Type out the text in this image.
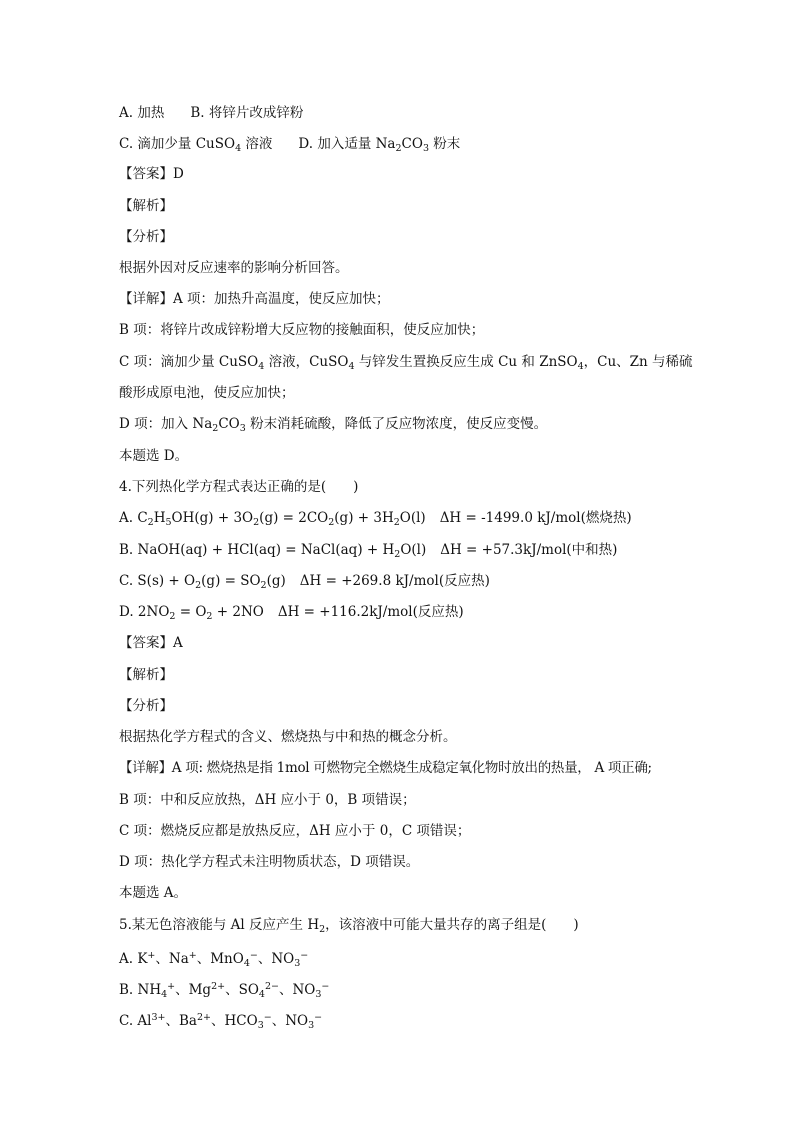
A. 加热 B. 将锌片改成锌粉
C. 滴加少量 CuSO$_4$ 溶液 D. 加入适量 $Na_2CO_3$ 粉末
【答案】D
【解析】
【分析】
根据外因对反应速率的影响分析回答。
【详解】A 项：加热升高温度，使反应加快；
B 项：将锌片改成锌粉增大反应物的接触面积，使反应加快；
C 项：滴加少量 CuSO$_4$ 溶液，CuSO$_4$ 与锌发生置换反应生成 Cu 和 ZnSO$_4$，Cu、Zn 与稀硫
酸形成原电池，使反应加快；
D 项：加入 $Na_2CO_3$ 粉末消耗硫酸，降低了反应物浓度，使反应变慢。
本题选 D。
4.下列热化学方程式表达正确的是(　　)
A. $C_2H_5OH(g) + 3O_2(g) = 2CO_2(g) + 3H_2O(l) \Delta H = -1499.0$ kJ/mol(燃烧热)
B. NaOH(aq) + HCl(aq) = NaCl(aq) + $H_2O(l) \Delta H = +57.3kJ/mol$(中和热)
C. $S(s) + O_2(g) = SO_2(g) \Delta H = +269.8$ kJ/mol(反应热)
D. $2NO_2 = O_2 + 2NO$ ΔH = +116.2kJ/mol(反应热)
【答案】A
【解析】
【分析】
根据热化学方程式的含义、燃烧热与中和热的概念分析。
【详解】A 项: 燃烧热是指 1mol 可燃物完全燃烧生成稳定氧化物时放出的热量， A 项正确;
B 项：中和反应放热，ΔH 应小于 0，B 项错误；
C 项：燃烧反应都是放热反应，ΔH 应小于 0，C 项错误；
D 项：热化学方程式未注明物质状态，D 项错误。
本题选 A。
5.某无色溶液能与 Al 反应产生 $H_2$，该溶液中可能大量共存的离子组是(　　)
A. K+、Na+、MnO$_4$−、$NO_3^-$
B. $NH_4^+$、$Mg^{2+}$、$SO_4^{2-}$、$NO_3^-$
C. $Al^{3+}$、$Ba^{2+}$、$HCO_3^-$、$NO_3^-$
